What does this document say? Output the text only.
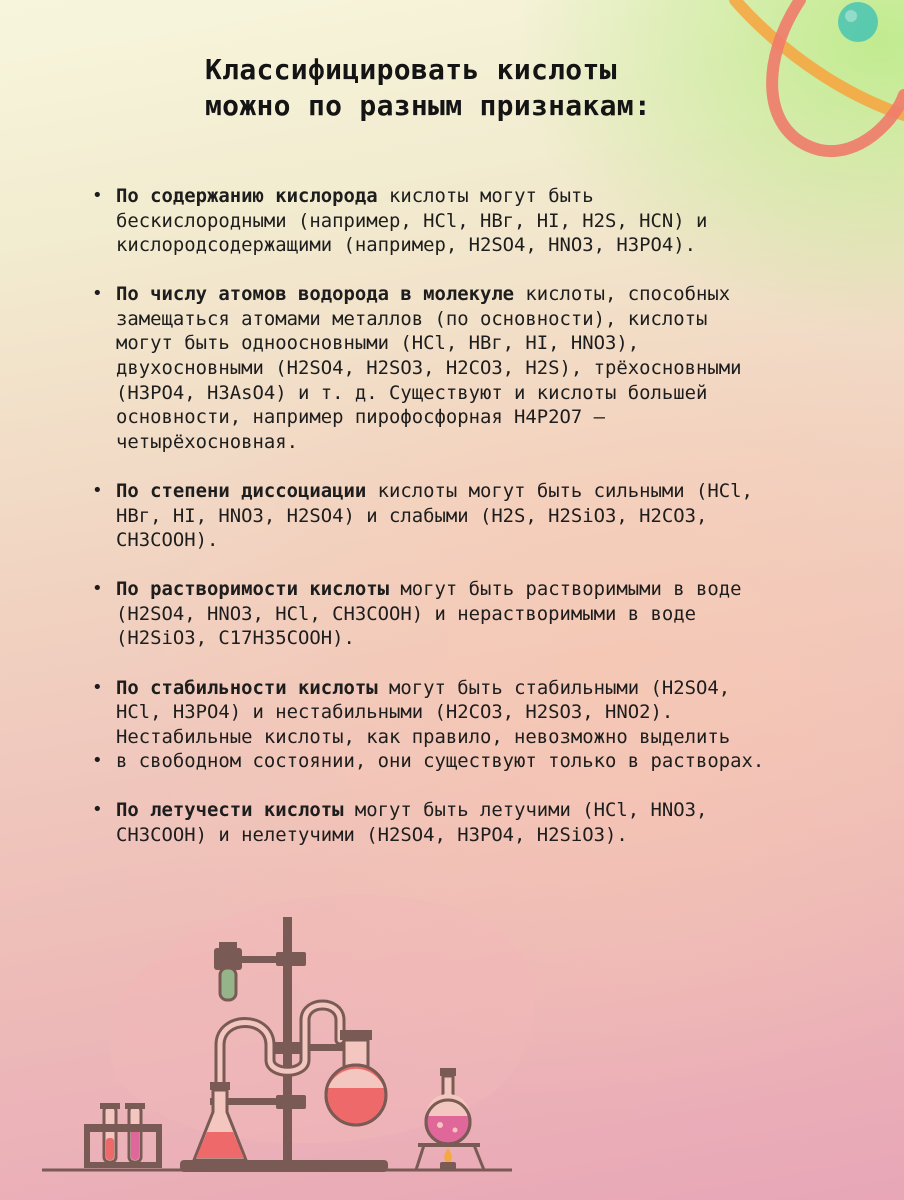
Классифицировать кислоты
можно по разным признакам:
• По содержанию кислорода кислоты могут быть
бескислородными (например, HCl, HBг, HI, H2S, HCN) и
кислородсодержащими (например, H2SO4, HNO3, H3PO4).
• По числу атомов водорода в молекуле кислоты, способных
замещаться атомами металлов (по основности), кислоты
могут быть одноосновными (HCl, HBг, HI, HNO3),
двухосновными (H2SO4, H2SO3, H2CO3, H2S), трёхосновными
(H3PO4, H3AsO4) и т. д. Существуют и кислоты большей
основности, например пирофосфорная H4P2O7 –
четырёхосновная.
• По степени диссоциации кислоты могут быть сильными (HCl,
HBг, HI, HNO3, H2SO4) и слабыми (H2S, H2SiO3, H2CO3,
CH3COOH).
• По растворимости кислоты могут быть растворимыми в воде
(H2SO4, HNO3, HCl, CH3COOH) и нерастворимыми в воде
(H2SiO3, C17H35COOH).
• По стабильности кислоты могут быть стабильными (H2SO4,
HCl, H3PO4) и нестабильными (H2CO3, H2SO3, HNO2).
Нестабильные кислоты, как правило, невозможно выделить
в свободном состоянии, они существуют только в растворах.
• По летучести кислоты могут быть летучими (HCl, HNO3,
CH3COOH) и нелетучими (H2SO4, H3PO4, H2SiO3).
•
